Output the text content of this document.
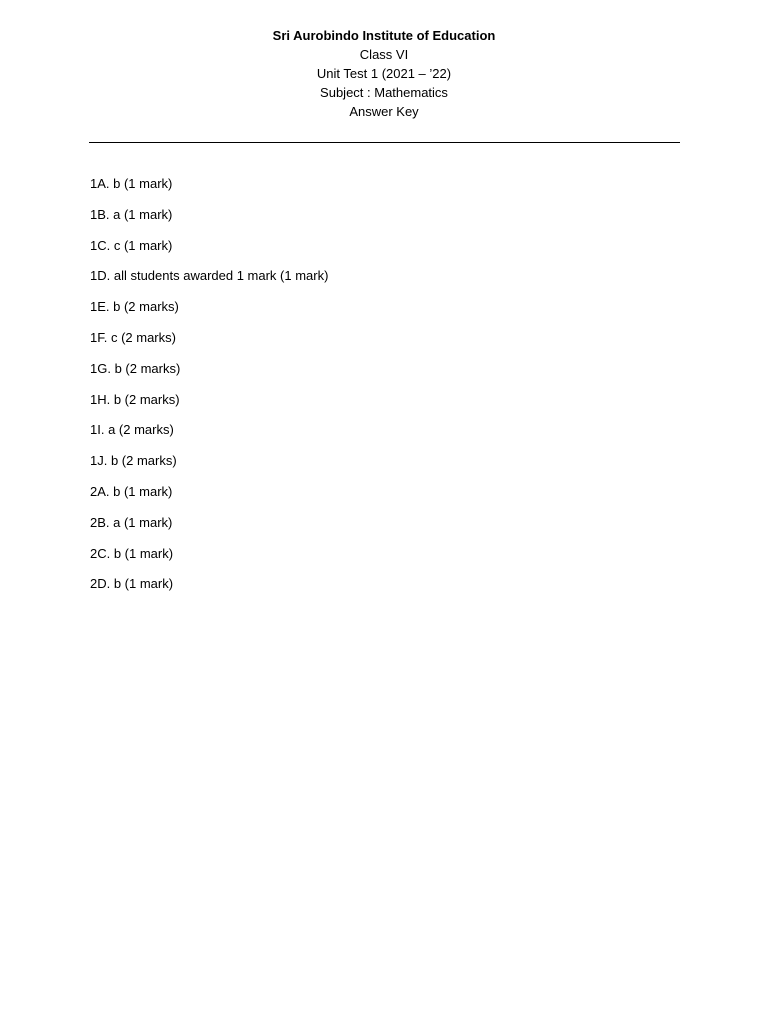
Sri Aurobindo Institute of Education
Class VI
Unit Test 1 (2021 – ’22)
Subject : Mathematics
Answer Key
1A. b (1 mark)
1B. a (1 mark)
1C. c (1 mark)
1D. all students awarded 1 mark (1 mark)
1E. b (2 marks)
1F. c (2 marks)
1G. b (2 marks)
1H. b (2 marks)
1I. a (2 marks)
1J. b (2 marks)
2A. b (1 mark)
2B. a (1 mark)
2C. b (1 mark)
2D. b (1 mark)
